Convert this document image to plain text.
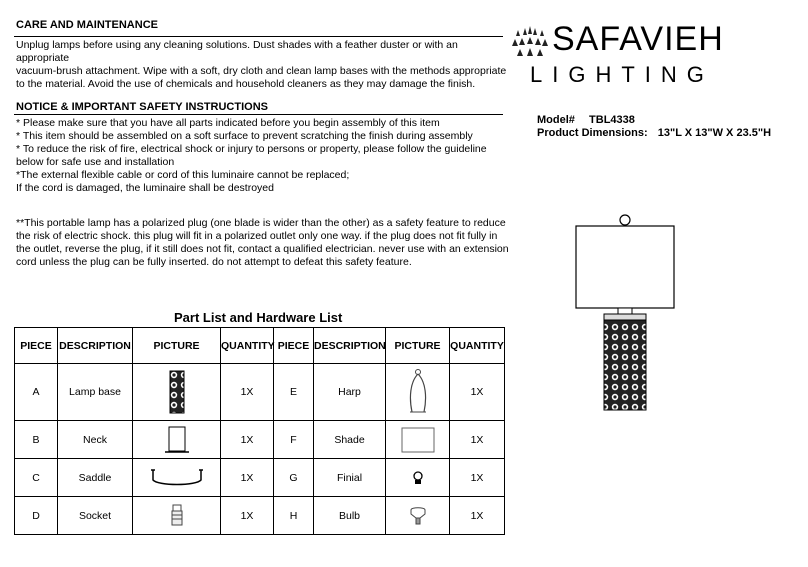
CARE AND MAINTENANCE
Unplug lamps before using any cleaning solutions. Dust shades with a feather duster or with an
appropriate
vacuum-brush attachment. Wipe with a soft, dry cloth and clean lamp bases with the methods appropriate
to the material. Avoid the use of chemicals and household cleaners as they may damage the finish.
NOTICE & IMPORTANT SAFETY INSTRUCTIONS
* Please make sure that you have all parts indicated before you begin assembly of this item
* This item should be assembled on a soft surface to prevent scratching the finish during assembly
* To reduce the risk of fire, electrical shock or injury to persons or property, please follow the guideline
below for safe use and installation
*The external flexible cable or cord of this luminaire cannot be replaced;
If the cord is damaged, the luminaire shall be destroyed
**This portable lamp has a polarized plug (one blade is wider than the other) as a safety feature to reduce
the risk of electric shock. this plug will fit in a polarized outlet only one way. if the plug does not fit fully in
the outlet, reverse the plug, if it still does not fit, contact a qualified electrician. never use with an extension
cord unless the plug can be fully inserted. do not attempt to defeat this safety feature.
SAFAVIEH
LIGHTING
Model# TBL4338
Product Dimensions: 13"L X 13"W X 23.5"H
Part List and Hardware List
PIECE	DESCRIPTION	PICTURE	QUANTITY	PIECE	DESCRIPTION	PICTURE	QUANTITY
A	Lamp base		1X	E	Harp		1X
B	Neck		1X	F	Shade		1X
C	Saddle		1X	G	Finial		1X
D	Socket		1X	H	Bulb		1X
